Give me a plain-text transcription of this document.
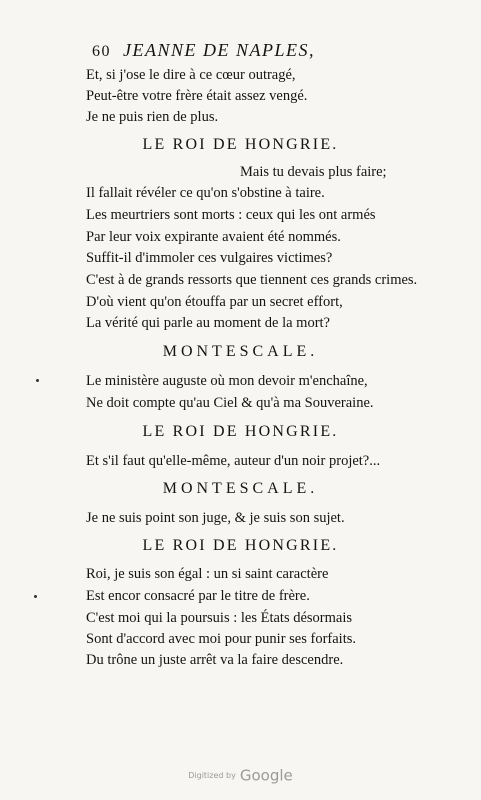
60 JEANNE DE NAPLES,
Et, si j'ose le dire à ce cœur outragé,
Peut-être votre frère était assez vengé.
Je ne puis rien de plus.
LE ROI DE HONGRIE.
Mais tu devais plus faire;
Il fallait révéler ce qu'on s'obstine à taire.
Les meurtriers sont morts : ceux qui les ont armés
Par leur voix expirante avaient été nommés.
Suffit-il d'immoler ces vulgaires victimes?
C'est à de grands ressorts que tiennent ces grands crimes.
D'où vient qu'on étouffa par un secret effort,
La vérité qui parle au moment de la mort?
MONTESCALE.
Le ministère auguste où mon devoir m'enchaîne,
Ne doit compte qu'au Ciel & qu'à ma Souveraine.
LE ROI DE HONGRIE.
Et s'il faut qu'elle-même, auteur d'un noir projet?...
MONTESCALE.
Je ne suis point son juge, & je suis son sujet.
LE ROI DE HONGRIE.
Roi, je suis son égal : un si saint caractère
Est encor consacré par le titre de frère.
C'est moi qui la poursuis : les États désormais
Sont d'accord avec moi pour punir ses forfaits.
Du trône un juste arrêt va la faire descendre.
Digitized by Google
